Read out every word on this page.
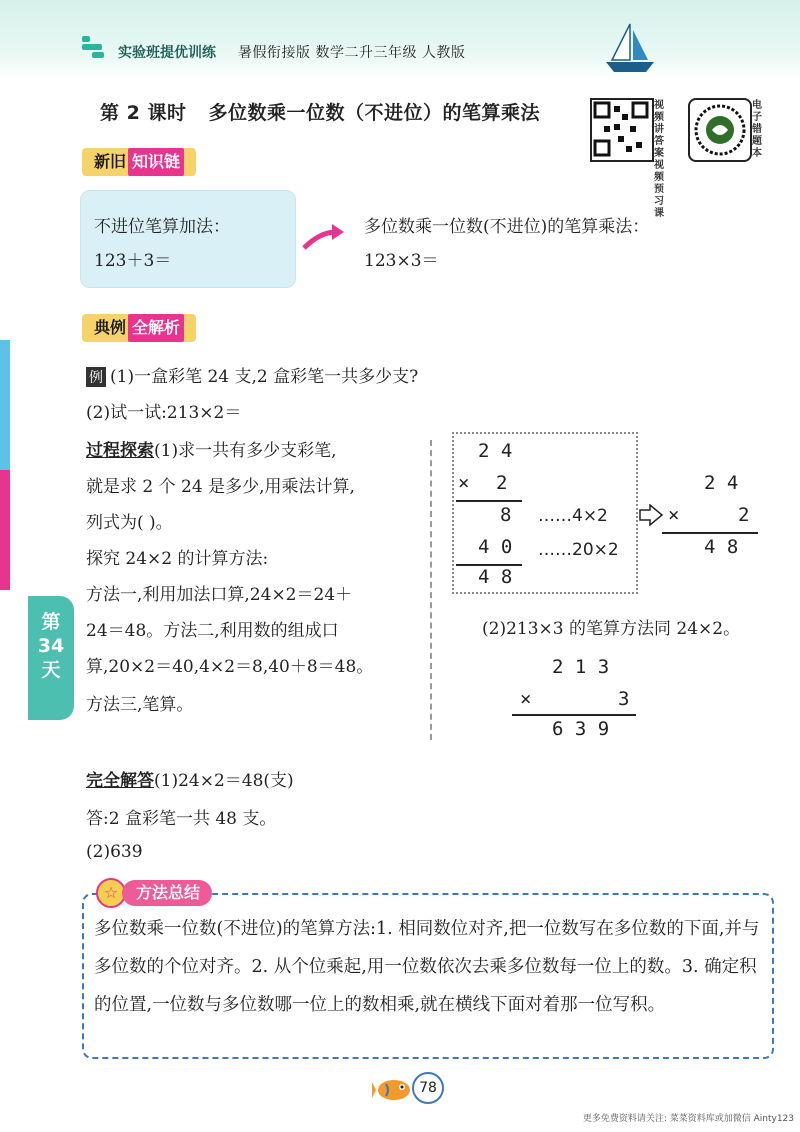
实验班提优训练 暑假衔接版 数学二升三年级 人教版
第 2 课时 多位数乘一位数（不进位）的笔算乘法	视频讲答案视频预习课
电子错题本
新旧 知识链
不进位笔算加法：
123＋3＝
多位数乘一位数(不进位)的笔算乘法：
123×3＝
典例 全解析
例 (1)一盒彩笔 24 支,2 盒彩笔一共多少支?
(2)试一试:213×2＝
过程探索(1)求一共有多少支彩笔,
就是求 2 个 24 是多少,用乘法计算,
列式为( )。
探究 24×2 的计算方法:
方法一,利用加法口算,24×2＝24＋
24＝48。方法二,利用数的组成口
算,20×2＝40,4×2＝8,40＋8＝48。
方法三,笔算。
第
34
天
2 4
× 2
8
4 0
4 8
……4×2
……20×2
2 4
×	2
4 8
(2)213×3 的笔算方法同 24×2。
2 1 3
×	3
6 3 9
完全解答(1)24×2＝48(支)
答:2 盒彩笔一共 48 支。
(2)639
☆	方法总结
多位数乘一位数(不进位)的笔算方法:1. 相同数位对齐,把一位数写在多位数的下面,并与多位数的个位对齐。2. 从个位乘起,用一位数依次去乘多位数每一位上的数。3. 确定积的位置,一位数与多位数哪一位上的数相乘,就在横线下面对着那一位写积。
78
更多免费资料请关注: 菜菜资料库或加微信 Ainty123
